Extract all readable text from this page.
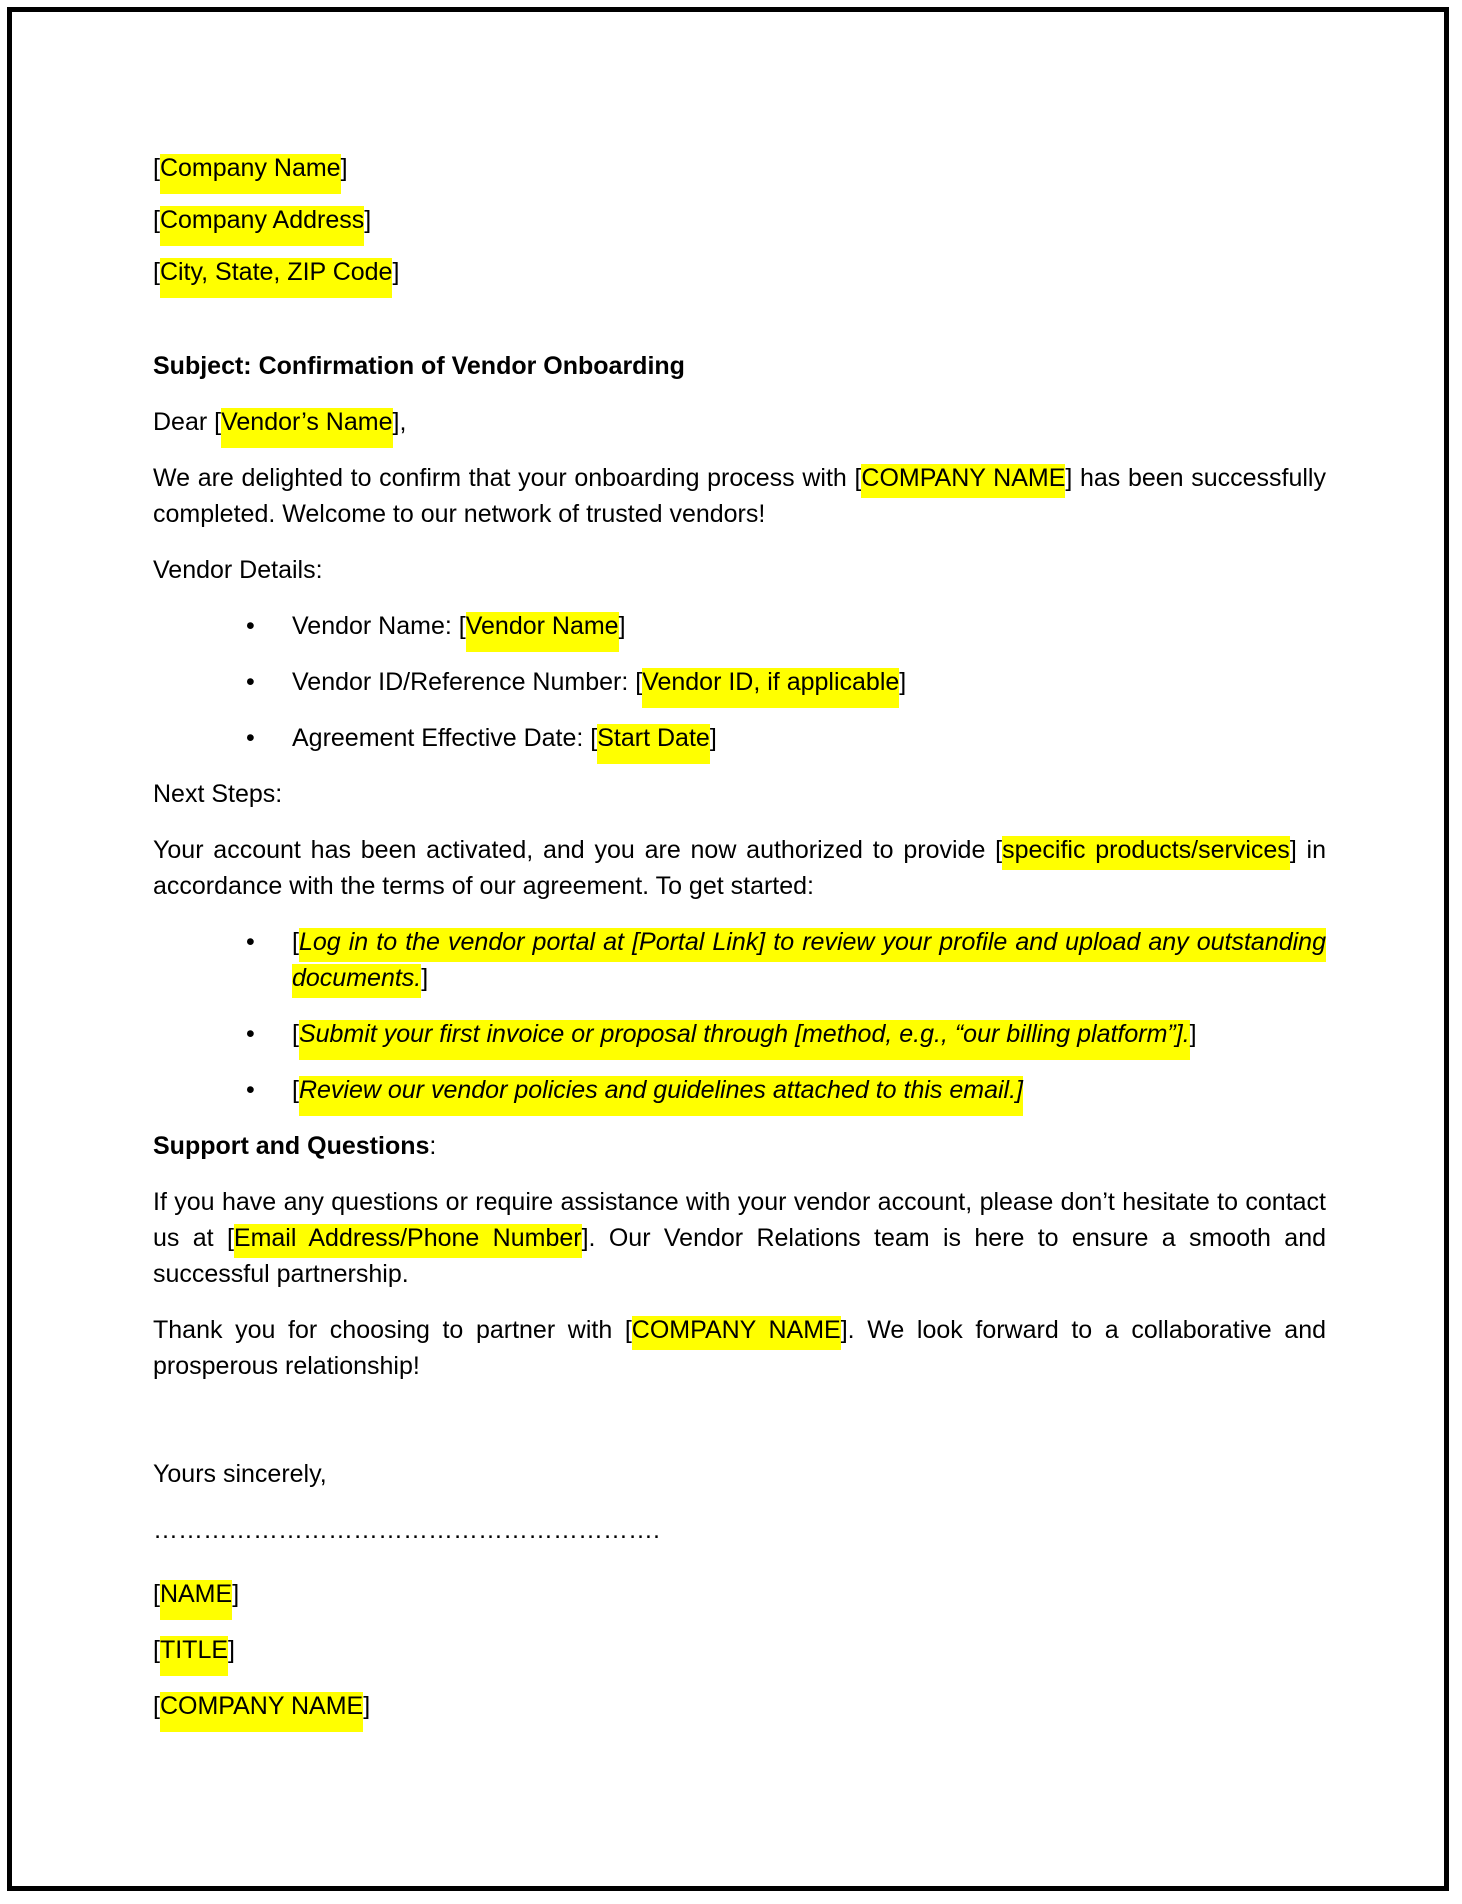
[Company Name]

[Company Address]

[City, State, ZIP Code]

Subject: Confirmation of Vendor Onboarding

Dear [Vendor’s Name],

We are delighted to confirm that your onboarding process with [COMPANY NAME] has been successfully completed. Welcome to our network of trusted vendors!

Vendor Details:

• Vendor Name: [Vendor Name]
• Vendor ID/Reference Number: [Vendor ID, if applicable]
• Agreement Effective Date: [Start Date]

Next Steps:

Your account has been activated, and you are now authorized to provide [specific products/services] in accordance with the terms of our agreement. To get started:

• [Log in to the vendor portal at [Portal Link] to review your profile and upload any outstanding documents.]
• [Submit your first invoice or proposal through [method, e.g., “our billing platform”].]
• [Review our vendor policies and guidelines attached to this email.]

Support and Questions:

If you have any questions or require assistance with your vendor account, please don’t hesitate to contact us at [Email Address/Phone Number]. Our Vendor Relations team is here to ensure a smooth and successful partnership.

Thank you for choosing to partner with [COMPANY NAME]. We look forward to a collaborative and prosperous relationship!

Yours sincerely,

…………………………………………………….

[NAME]

[TITLE]

[COMPANY NAME]
